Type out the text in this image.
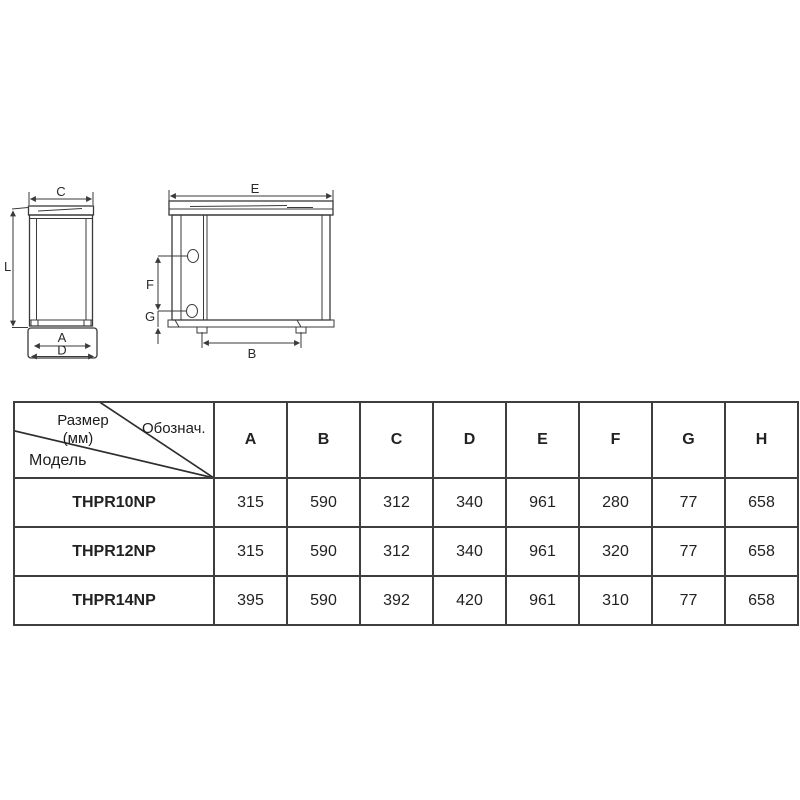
C
L
A
D
E
F
G
B
Размер
(мм)
Обознач.
Модель	A	B	C	D	E	F	G	H
THPR10NP	315	590	312	340	961	280	77	658
THPR12NP	315	590	312	340	961	320	77	658
THPR14NP	395	590	392	420	961	310	77	658
